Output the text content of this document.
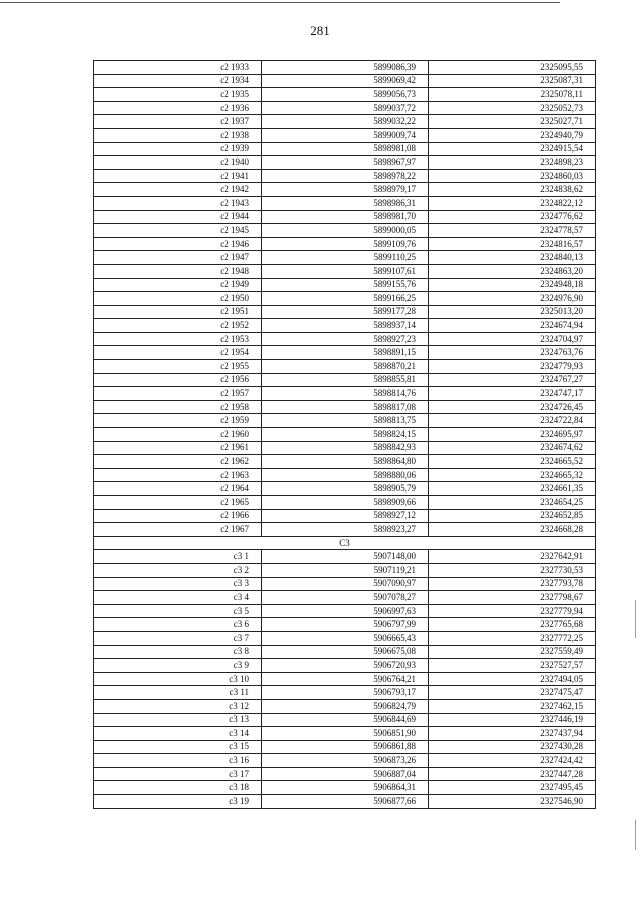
281
с2 1933	5899086,39	2325095,55
с2 1934	5899069,42	2325087,31
с2 1935	5899056,73	2325078,11
с2 1936	5899037,72	2325052,73
с2 1937	5899032,22	2325027,71
с2 1938	5899009,74	2324940,79
с2 1939	5898981,08	2324915,54
с2 1940	5898967,97	2324898,23
с2 1941	5898978,22	2324860,03
с2 1942	5898979,17	2324838,62
с2 1943	5898986,31	2324822,12
с2 1944	5898981,70	2324776,62
с2 1945	5899000,05	2324778,57
с2 1946	5899109,76	2324816,57
с2 1947	5899110,25	2324840,13
с2 1948	5899107,61	2324863,20
с2 1949	5899155,76	2324948,18
с2 1950	5899166,25	2324976,90
с2 1951	5899177,28	2325013,20
с2 1952	5898937,14	2324674,94
с2 1953	5898927,23	2324704,97
с2 1954	5898891,15	2324763,76
с2 1955	5898870,21	2324779,93
с2 1956	5898855,81	2324767,27
с2 1957	5898814,76	2324747,17
с2 1958	5898817,08	2324726,45
с2 1959	5898813,75	2324722,84
с2 1960	5898824,15	2324695,97
с2 1961	5898842,93	2324674,62
с2 1962	5898864,80	2324665,52
с2 1963	5898880,06	2324665,32
с2 1964	5898905,79	2324661,35
с2 1965	5898909,66	2324654,25
с2 1966	5898927,12	2324652,85
с2 1967	5898923,27	2324668,28
С3		
с3 1	5907148,00	2327642,91
с3 2	5907119,21	2327730,53
с3 3	5907090,97	2327793,78
с3 4	5907078,27	2327798,67
с3 5	5906997,63	2327779,94
с3 6	5906797,99	2327765,68
с3 7	5906665,43	2327772,25
с3 8	5906675,08	2327559,49
с3 9	5906720,93	2327527,57
с3 10	5906764,21	2327494,05
с3 11	5906793,17	2327475,47
с3 12	5906824,79	2327462,15
с3 13	5906844,69	2327446,19
с3 14	5906851,90	2327437,94
с3 15	5906861,88	2327430,28
с3 16	5906873,26	2327424,42
с3 17	5906887,04	2327447,28
с3 18	5906864,31	2327495,45
с3 19	5906877,66	2327546,90
